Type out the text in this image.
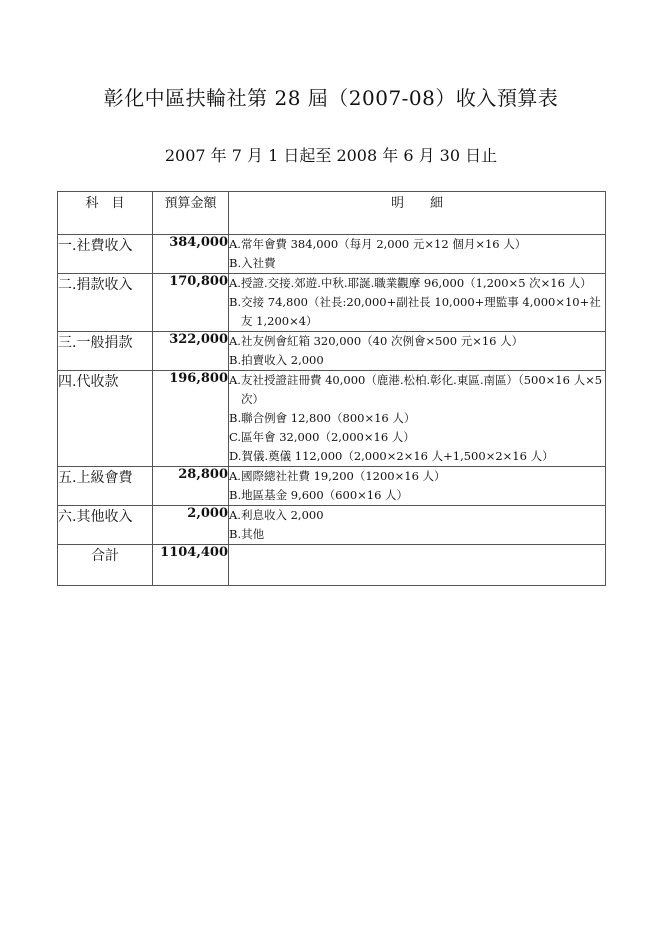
彰化中區扶輪社第 28 屆（2007-08）收入預算表
2007 年 7 月 1 日起至 2008 年 6 月 30 日止
科　目	預算金額	明　　細
一.社費收入	384,000	A.常年會費 384,000（每月 2,000 元×12 個月×16 人）
B.入社費

二.捐款收入	170,800	A.授證.交接.郊遊.中秋.耶誕.職業觀摩 96,000（1,200×5 次×16 人）
B.交接 74,800（社長:20,000+副社長 10,000+理監事 4,000×10+社友 1,200×4）

三.一般捐款	322,000	A.社友例會紅箱 320,000（40 次例會×500 元×16 人）
B.拍賣收入 2,000

四.代收款	196,800	A.友社授證註冊費 40,000（鹿港.松柏.彰化.東區.南區）（500×16 人×5 次）
B.聯合例會 12,800（800×16 人）
C.區年會 32,000（2,000×16 人）
D.賀儀.奠儀 112,000（2,000×2×16 人+1,500×2×16 人）

五.上級會費	28,800	A.國際總社社費 19,200（1200×16 人）
B.地區基金 9,600（600×16 人）

六.其他收入	2,000	A.利息收入 2,000
B.其他

合計	1104,400	
